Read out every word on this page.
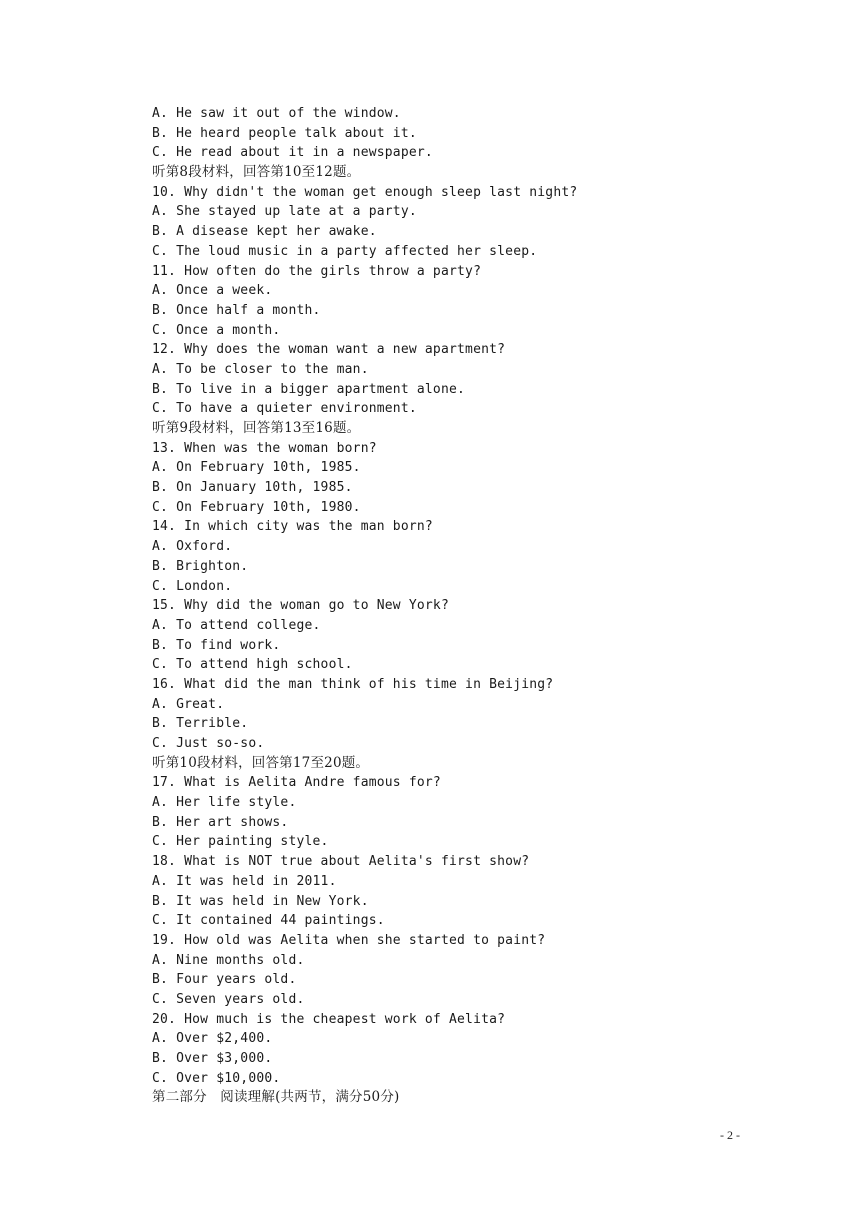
A. He saw it out of the window.
B. He heard people talk about it.
C. He read about it in a newspaper.
听第8段材料，回答第10至12题。
10. Why didn't the woman get enough sleep last night?
A. She stayed up late at a party.
B. A disease kept her awake.
C. The loud music in a party affected her sleep.
11. How often do the girls throw a party?
A. Once a week.
B. Once half a month.
C. Once a month.
12. Why does the woman want a new apartment?
A. To be closer to the man.
B. To live in a bigger apartment alone.
C. To have a quieter environment.
听第9段材料，回答第13至16题。
13. When was the woman born?
A. On February 10th, 1985.
B. On January 10th, 1985.
C. On February 10th, 1980.
14. In which city was the man born?
A. Oxford.
B. Brighton.
C. London.
15. Why did the woman go to New York?
A. To attend college.
B. To find work.
C. To attend high school.
16. What did the man think of his time in Beijing?
A. Great.
B. Terrible.
C. Just so-so.
听第10段材料，回答第17至20题。
17. What is Aelita Andre famous for?
A. Her life style.
B. Her art shows.
C. Her painting style.
18. What is NOT true about Aelita's first show?
A. It was held in 2011.
B. It was held in New York.
C. It contained 44 paintings.
19. How old was Aelita when she started to paint?
A. Nine months old.
B. Four years old.
C. Seven years old.
20. How much is the cheapest work of Aelita?
A. Over $2,400.
B. Over $3,000.
C. Over $10,000.
第二部分   阅读理解(共两节，满分50分)
- 2 -
